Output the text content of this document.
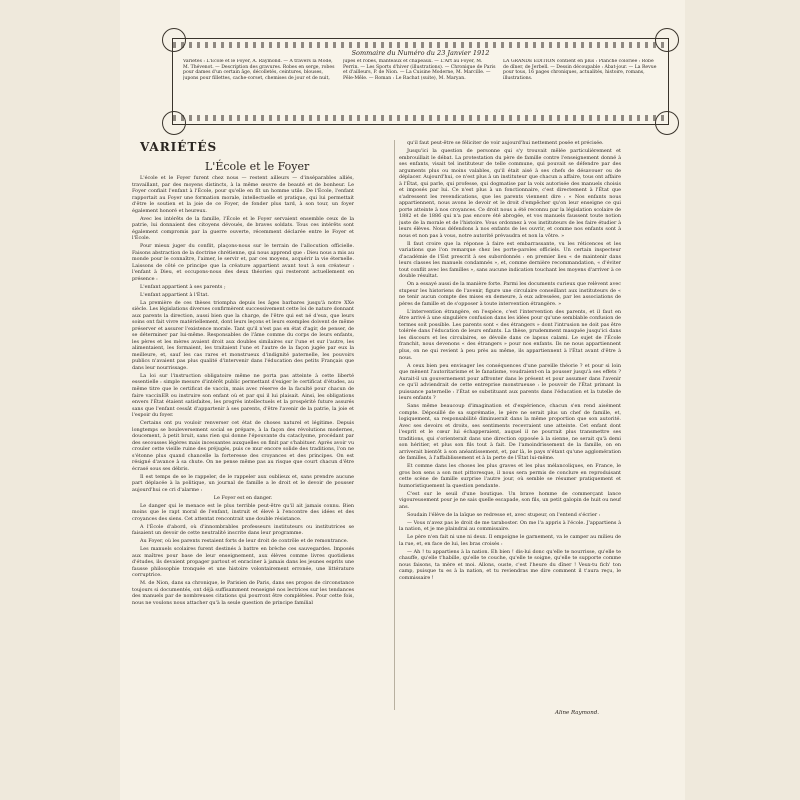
Sommaire du Numéro du 23 Janvier 1912
Variétés : L'École et le Foyer, A. Raymond. — A travers la Mode, M. Thévenot. — Description des gravures. Robes en serge, robes pour dames d'un certain âge, décolletés, ceintures, blouses, jupons pour fillettes, cache-corset, chemises de jour et de nuit,
jupes et robes, manteaux et chapeaux. — L'Art au Foyer, M. Perrin. — Les Sports d'hiver (illustrations). — Chronique de Paris et d'ailleurs, P. de Nion. — La Cuisine Moderne, M. Marcille. — Pêle-Mêle. — Roman : Le Rachat (suite), M. Maryan.
LA GRANDE ÉDITION contient en plus : Planche coloriée : Robe de dîner, de Jerbell. — Dessin découpable : Abat-jour. — La Revue pour tous, 16 pages chroniques, actualités, histoire, romans, illustrations.
VARIÉTÉS
L'École et le Foyer

L'école et le Foyer furent chez nous — restent ailleurs — d'inséparables alliés, travaillant, par des moyens distincts, à la même œuvre de beauté et de bonheur. Le Foyer confiait l'enfant à l'École, pour qu'elle en fît un homme utile. De l'École, l'enfant rapportait au Foyer une formation morale, intellectuelle et pratique, qui lui permettait d'être le soutien et la joie de ce Foyer, de fonder plus tard, à son tour, un foyer également honoré et heureux.

Avec les intérêts de la famille, l'École et le Foyer servaient ensemble ceux de la patrie, lui donnaient des citoyens dévoués, de braves soldats. Tous ces intérêts sont également compromis par la guerre ouverte, récemment déclarée entre le Foyer et l'École.

Pour mieux juger du conflit, plaçons-nous sur le terrain de l'allocution officielle. Faisons abstraction de la doctrine chrétienne, qui nous apprend que : Dieu nous a mis au monde pour le connaître, l'aimer, le servir et, par ces moyens, acquérir la vie éternelle. Laissons de côté ce principe que la créature appartient avant tout à son créateur : l'enfant à Dieu, et occupons-nous des deux théories qui resteront actuellement en présence :

L'enfant appartient à ses parents ;

L'enfant appartient à l'État.

La première de ces thèses triompha depuis les âges barbares jusqu'à notre XXe siècle. Les législations diverses confirmèrent successivement cette loi de nature donnant aux parents la direction, aussi bien que la charge, de l'être qui est né d'eux, que leurs soins ont fait vivre matériellement, dont leurs leçons et leurs exemples doivent de même préserver et assurer l'existence morale. Tant qu'il n'est pas en état d'agir, de penser, de se déterminer par lui-même. Responsables de l'âme comme du corps de leurs enfants, les pères et les mères avaient droit aux doubles similaires sur l'une et sur l'autre, les alimentaient, les formaient, les traitaient l'une et l'autre de la façon jugée par eux la meilleure, et, sauf les cas rares et monstrueux d'indignité paternelle, les pouvoirs publics n'avaient pas plus qualité d'intervenir dans l'éducation des petits Français que dans leur nourrissage.

La loi sur l'instruction obligatoire même ne porta pas atteinte à cette liberté essentielle : simple mesure d'intérêt public permettant d'exiger le certificat d'études, au même titre que le certificat de vaccin, mais avec réserve de la faculté pour chacun de faire vaccinER ou instruire son enfant où et par qui il lui plaisait. Ainsi, les obligations envers l'État étaient satisfaites, les progrès intellectuels et la prospérité future assurés sans que l'enfant cessât d'appartenir à ses parents, d'être l'avenir de la patrie, la joie et l'espoir du foyer.

Certains ont pu vouloir renverser cet état de choses naturel et légitime. Depuis longtemps se bouleversement social se prépare, à la façon des révolutions modernes, doucement, à petit bruit, sans rien qui donne l'épouvante du cataclysme, procédant par des secousses légères mais incessantes auxquelles on finit par s'habituer. Après avoir vu crouler cette vieille ruine des préjugés, puis ce mur encore solide des traditions, l'on ne s'étonne plus quand chancelle la forteresse des croyances et des principes. On est résigné d'avance à sa chute. On ne pense même pas au risque que court chacun d'être écrasé sous ses débris.

Il est temps de se le rappeler, de le rappeler aux oublieux et, sans prendre aucune part déplacée à la politique, un journal de famille a le droit et le devoir de pousser aujourd'hui ce cri d'alarme :

Le Foyer est en danger.

Le danger qui le menace est le plus terrible peut-être qu'il ait jamais connu. Bien moins que le rapt moral de l'enfant, instruit et élevé à l'encontre des idées et des croyances des siens. Cet attentat rencontrait une double résistance.

A l'École d'abord, où d'innombrables professeurs instituteurs ou institutrices se faisaient un devoir de cette neutralité inscrite dans leur programme.

Au Foyer, où les parents restaient forts de leur droit de contrôle et de remontrance.

Les manuels scolaires furent destinés à battre en brèche ces sauvegardes. Imposés aux maîtres pour base de leur enseignement, aux élèves comme livres quotidiens d'études, ils devaient propager partout et enraciner à jamais dans les jeunes esprits une fausse philosophie tronquée et une histoire volontairement erronée, une littérature corruptrice.

M. de Nion, dans sa chronique, le Parisien de Paris, dans ses propos de circonstance toujours si documentés, ont déjà suffisamment renseigné nos lectrices sur les tendances des manuels par de nombreuses citations qui pourront être complétées. Pour cette fois, nous ne voulons nous attacher qu'à la seule question de principe familial

qu'il faut peut-être se féliciter de voir aujourd'hui nettement posée et précisée.

Jusqu'ici la question de personne qui s'y trouvait mêlée particulièrement et embrouillait le débat. La protestation du père de famille contre l'enseignement donné à ses enfants, visait tel instituteur de telle commune, qui pouvait se défendre par des arguments plus ou moins valables, qu'il était aisé à ses chefs de désavouer ou de déplacer. Aujourd'hui, ce n'est plus à un instituteur que chacun a affaire, tous ont affaire à l'État, qui parle, qui professe, qui dogmatise par la voix autorisée des manuels choisis et imposés par lui. Ce n'est plus à un fonctionnaire, c'est directement à l'État que s'adressent les revendications, que les parents viennent dire : « Nos enfants nous appartiennent, nous avons le devoir et le droit d'empêcher qu'on leur enseigne ce qui porte atteinte à nos croyances. Ce droit nous a été reconnu par la législation scolaire de 1882 et de 1886 qui n'a pas encore été abrogée, et vos manuels faussent toute notion juste de la morale et de l'histoire. Vous ordonnez à vos instituteurs de les faire étudier à leurs élèves. Nous défendons à nos enfants de les ouvrir, et comme nos enfants sont à nous et non pas à vous, notre autorité prévaudra et non la vôtre. »

Il faut croire que la réponse à faire est embarrassante, vu les réticences et les variations que l'on remarque chez les porte-paroles officiels. Un certain inspecteur d'académie de l'Est prescrit à ses subordonnés : en premier lieu « de maintenir dans leurs classes les manuels condamnés », et, comme dernière recommandation, « d'éviter tout conflit avec les familles », sans aucune indication touchant les moyens d'arriver à ce double résultat.

On a essayé aussi de la manière forte. Parmi les documents curieux que relèvent avec stupeur les historiens de l'avenir, figure une circulaire conseillant aux instituteurs de « ne tenir aucun compte des mises en demeure, à eux adressées, par les associations de pères de famille et de s'opposer à toute intervention étrangère. »

L'intervention étrangère, en l'espèce, c'est l'intervention des parents, et il faut en être arrivé à une singulière confusion dans les idées pour qu'une semblable confusion de termes soit possible. Les parents sont « des étrangers » dont l'intrusion ne doit pas être tolérée dans l'éducation de leurs enfants. La thèse, prudemment masquée jusqu'ici dans les discours et les circulaires, se dévoile dans ce lapsus calami. Le sujet de l'École franchit, nous devenons « des étrangers » pour nos enfants. Ils ne nous appartiennent plus, on ne qui revient à peu près au même, ils appartiennent à l'État avant d'être à nous.

A ceux bien peu envisager les conséquences d'une pareille théorie ? et pour si loin que mènent l'autoritarisme et le fanatisme, voudraient-on la pousser jusqu'à ses effets ? Aurait-il un gouvernement pour affronter dans le présent et pour assumer dans l'avenir ce qu'il adviendrait de cette entreprise monstrueuse : le pouvoir de l'État primant la puissance paternelle : l'État se substituant aux parents dans l'éducation et la tutelle de leurs enfants ?

Sans même beaucoup d'imagination et d'expérience, chacun s'en rend aisément compte. Dépouillé de sa suprématie, le père ne serait plus un chef de famille, et, logiquement, sa responsabilité diminuerait dans la même proportion que son autorité. Avec ses devoirs et droits, ses sentiments recevraient une atteinte. Cet enfant dont l'esprit et le cœur lui échapperaient, auquel il ne pourrait plus transmettre ses traditions, qui s'orienterait dans une direction opposée à la sienne, ne serait qu'à demi son héritier, et plus son fils tout à fait. De l'amoindrissement de la famille, on en arriverait bientôt à son anéantissement, et, par là, le pays n'étant qu'une agglomération de familles, à l'affaiblissement et à la perte de l'État lui-même.

Et comme dans les choses les plus graves et les plus mélancoliques, en France, le gros bon sens a son mot pittoresque, il nous sera permis de conclure en reproduisant cette scène de famille surprise l'autre jour, où semble se résumer pratiquement et humoristiquement la question pendante.

C'est sur le seuil d'une boutique. Un brave homme de commerçant lance vigoureusement pour je ne sais quelle escapade, son fils, un petit galopin de huit ou neuf ans.

Soudain l'élève de la laïque se redresse et, avec stupeur, on l'entend s'écrier :

— Vous n'avez pas le droit de me taraboster. On me l'a appris à l'école. J'appartiens à la nation, et je me plaindrai au commissaire.

Le père n'en fait ni une ni deux. Il empoigne le garnement, va le camper au milieu de la rue, et, en face de lui, les bras croisés :

— Ah ! tu appartiens à la nation. Eh bien ! dis-lui donc qu'elle te nourrisse, qu'elle te chauffe, qu'elle t'habille, qu'elle te couche, qu'elle te soigne, qu'elle te supporte comme nous faisons, ta mère et moi. Allons, ouste, c'est l'heure du dîner ! Veux-tu fich' ton camp, puisque tu es à la nation, et tu reviendras me dire comment il t'aura reçu, le commissaire !

Aline Raymond.
